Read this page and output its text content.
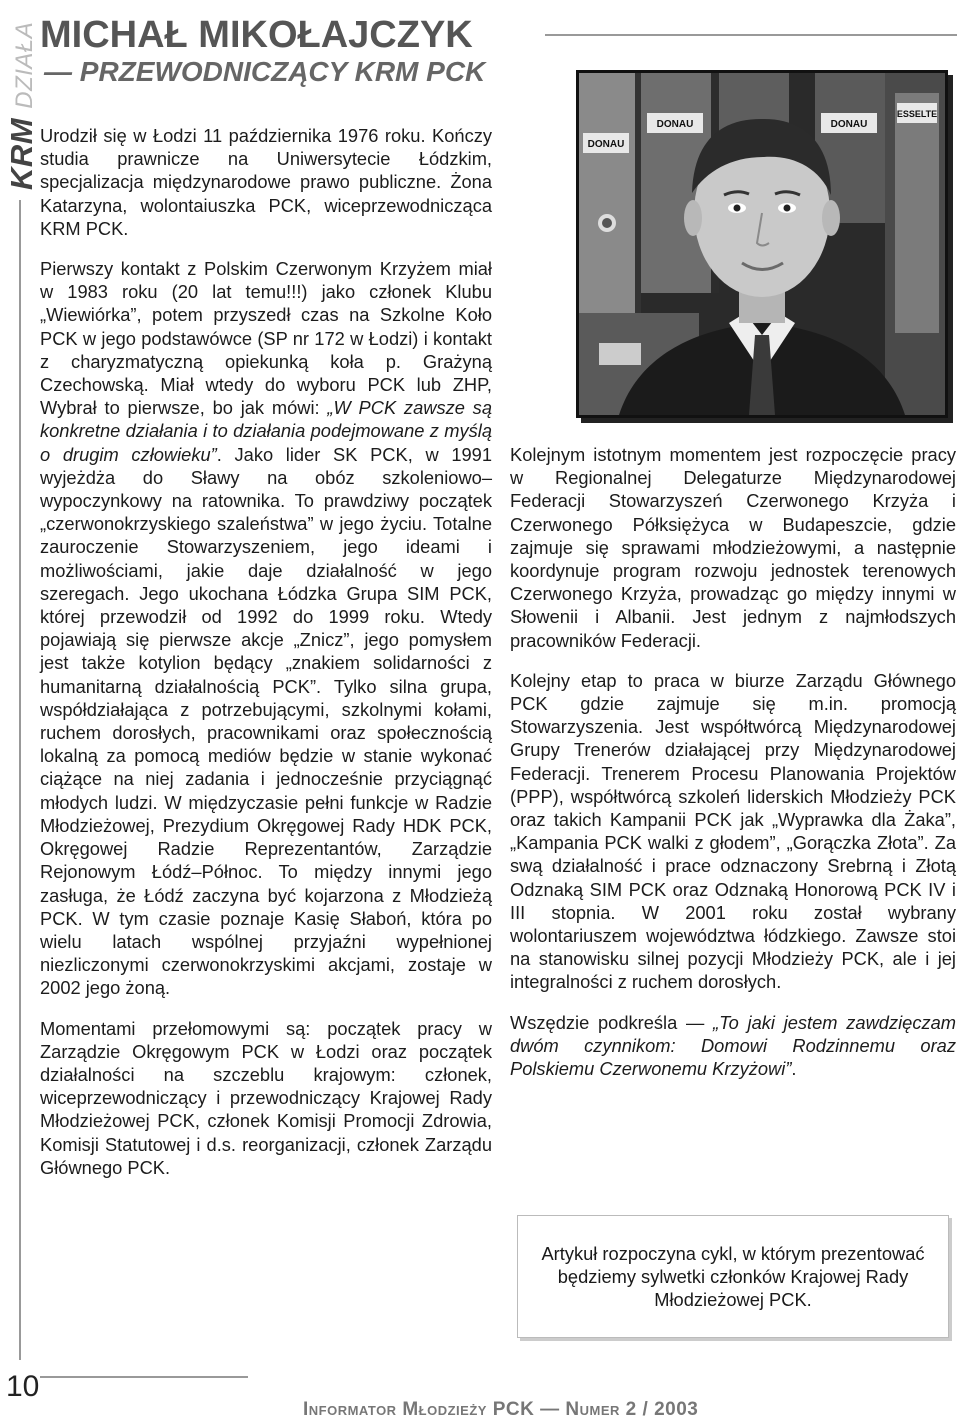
KRM DZIAŁA MICHAŁ MIKOŁAJCZYK
— PRZEWODNICZĄCY KRM PCK

Urodził się w Łodzi 11 października 1976 roku. Kończy studia prawnicze na Uniwersytecie Łódzkim, specjalizacja międzynarodowe prawo publiczne. Żona Katarzyna, wolontaiuszka PCK, wiceprzewodnicząca KRM PCK.

Pierwszy kontakt z Polskim Czerwonym Krzyżem miał w 1983 roku (20 lat temu!!!) jako członek Klubu „Wiewiórka”, potem przyszedł czas na Szkolne Koło PCK w jego podstawówce (SP nr 172 w Łodzi) i kontakt z charyzmatyczną opiekunką koła p. Grażyną Czechowską. Miał wtedy do wyboru PCK lub ZHP, Wybrał to pierwsze, bo jak mówi: „W PCK zawsze są konkretne działania i to działania podejmowane z myślą o drugim człowieku”. Jako lider SK PCK, w 1991 wyjeżdża do Sławy na obóz szkoleniowo–wypoczynkowy na ratownika. To prawdziwy początek „czerwonokrzyskiego szaleństwa” w jego życiu. Totalne zauroczenie Stowarzyszeniem, jego ideami i możliwościami, jakie daje działalność w jego szeregach. Jego ukochana Łódzka Grupa SIM PCK, której przewodził od 1992 do 1999 roku. Wtedy pojawiają się pierwsze akcje „Znicz”, jego pomysłem jest także kotylion będący „znakiem solidarności z humanitarną działalnością PCK”. Tylko silna grupa, współdziałająca z potrzebującymi, szkolnymi kołami, ruchem dorosłych, pracownikami oraz społecznością lokalną za pomocą mediów będzie w stanie wykonać ciążące na niej zadania i jednocześnie przyciągnąć młodych ludzi. W międzyczasie pełni funkcje w Radzie Młodzieżowej, Prezydium Okręgowej Rady HDK PCK, Okręgowej Radzie Reprezentantów, Zarządzie Rejonowym Łódź–Północ. To między innymi jego zasługa, że Łódź zaczyna być kojarzona z Młodzieżą PCK. W tym czasie poznaje Kasię Słaboń, która po wielu latach wspólnej przyjaźni wypełnionej niezliczonymi czerwonokrzyskimi akcjami, zostaje w 2002 jego żoną.

Momentami przełomowymi są: początek pracy w Zarządzie Okręgowym PCK w Łodzi oraz początek działalności na szczeblu krajowym: członek, wiceprzewodniczący i przewodniczący Krajowej Rady Młodzieżowej PCK, członek Komisji Promocji Zdrowia, Komisji Statutowej i d.s. reorganizacji, członek Zarządu Głównego PCK.

DONAU
DONAU	DONAU
ESSELTE

Kolejnym istotnym momentem jest rozpoczęcie pracy w Regionalnej Delegaturze Międzynarodowej Federacji Stowarzyszeń Czerwonego Krzyża i Czerwonego Półksiężyca w Budapeszcie, gdzie zajmuje się sprawami młodzieżowymi, a następnie koordynuje program rozwoju jednostek terenowych Czerwonego Krzyża, prowadząc go między innymi w Słowenii i Albanii. Jest jednym z najmłodszych pracowników Federacji.

Kolejny etap to praca w biurze Zarządu Głównego PCK gdzie zajmuje się m.in. promocją Stowarzyszenia. Jest współtwórcą Międzynarodowej Grupy Trenerów działającej przy Międzynarodowej Federacji. Trenerem Procesu Planowania Projektów (PPP), współtwórcą szkoleń liderskich Młodzieży PCK oraz takich Kampanii PCK jak „Wyprawka dla Żaka”, „Kampania PCK walki z głodem”, „Gorączka Złota”. Za swą działalność i prace odznaczony Srebrną i Złotą Odznaką SIM PCK oraz Odznaką Honorową PCK IV i III stopnia. W 2001 roku został wybrany wolontariuszem województwa łódzkiego. Zawsze stoi na stanowisku silnej pozycji Młodzieży PCK, ale i jej integralności z ruchem dorosłych.

Wszędzie podkreśla — „To jaki jestem zawdzięczam dwóm czynnikom: Domowi Rodzinnemu oraz Polskiemu Czerwonemu Krzyżowi”.

Artykuł rozpoczyna cykl, w którym prezentować będziemy sylwetki członków Krajowej Rady Młodzieżowej PCK.
10
Informator Młodzieży PCK — Numer 2 / 2003
